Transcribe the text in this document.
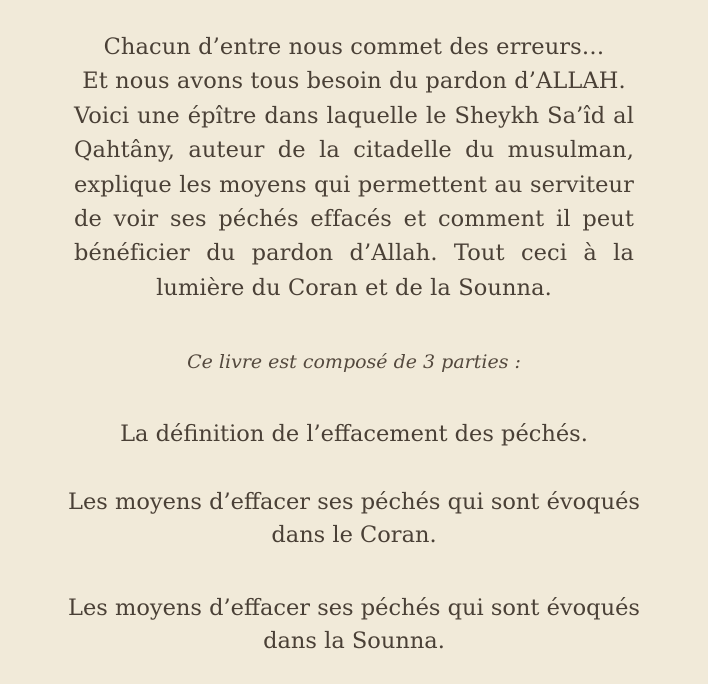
Chacun d’entre nous commet des erreurs…
Et nous avons tous besoin du pardon d’ALLAH.
Voici une épître dans laquelle le Sheykh Sa’îd al
Qahtâny, auteur de la citadelle du musulman,
explique les moyens qui permettent au serviteur
de voir ses péchés effacés et comment il peut
bénéficier du pardon d’Allah. Tout ceci à la
lumière du Coran et de la Sounna.

Ce livre est composé de 3 parties :

La définition de l’effacement des péchés.

Les moyens d’effacer ses péchés qui sont évoqués
dans le Coran.

Les moyens d’effacer ses péchés qui sont évoqués
dans la Sounna.
